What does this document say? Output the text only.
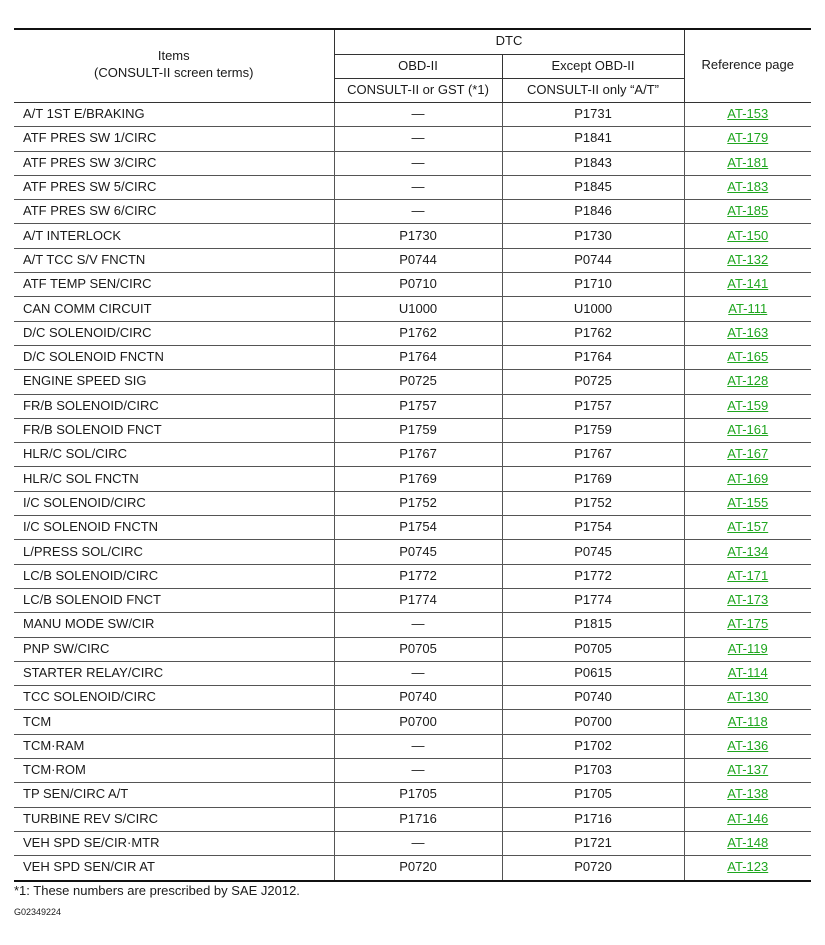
Items
(CONSULT-II screen terms)	DTC		Reference page
	OBD-II	Except OBD-II	
	CONSULT-II or GST (*1)	CONSULT-II only “A/T”	
A/T 1ST E/BRAKING	—	P1731	AT-153
ATF PRES SW 1/CIRC	—	P1841	AT-179
ATF PRES SW 3/CIRC	—	P1843	AT-181
ATF PRES SW 5/CIRC	—	P1845	AT-183
ATF PRES SW 6/CIRC	—	P1846	AT-185
A/T INTERLOCK	P1730	P1730	AT-150
A/T TCC S/V FNCTN	P0744	P0744	AT-132
ATF TEMP SEN/CIRC	P0710	P1710	AT-141
CAN COMM CIRCUIT	U1000	U1000	AT-111
D/C SOLENOID/CIRC	P1762	P1762	AT-163
D/C SOLENOID FNCTN	P1764	P1764	AT-165
ENGINE SPEED SIG	P0725	P0725	AT-128
FR/B SOLENOID/CIRC	P1757	P1757	AT-159
FR/B SOLENOID FNCT	P1759	P1759	AT-161
HLR/C SOL/CIRC	P1767	P1767	AT-167
HLR/C SOL FNCTN	P1769	P1769	AT-169
I/C SOLENOID/CIRC	P1752	P1752	AT-155
I/C SOLENOID FNCTN	P1754	P1754	AT-157
L/PRESS SOL/CIRC	P0745	P0745	AT-134
LC/B SOLENOID/CIRC	P1772	P1772	AT-171
LC/B SOLENOID FNCT	P1774	P1774	AT-173
MANU MODE SW/CIR	—	P1815	AT-175
PNP SW/CIRC	P0705	P0705	AT-119
STARTER RELAY/CIRC	—	P0615	AT-114
TCC SOLENOID/CIRC	P0740	P0740	AT-130
TCM	P0700	P0700	AT-118
TCM·RAM	—	P1702	AT-136
TCM·ROM	—	P1703	AT-137
TP SEN/CIRC A/T	P1705	P1705	AT-138
TURBINE REV S/CIRC	P1716	P1716	AT-146
VEH SPD SE/CIR·MTR	—	P1721	AT-148
VEH SPD SEN/CIR AT	P0720	P0720	AT-123
*1: These numbers are prescribed by SAE J2012.
G02349224
